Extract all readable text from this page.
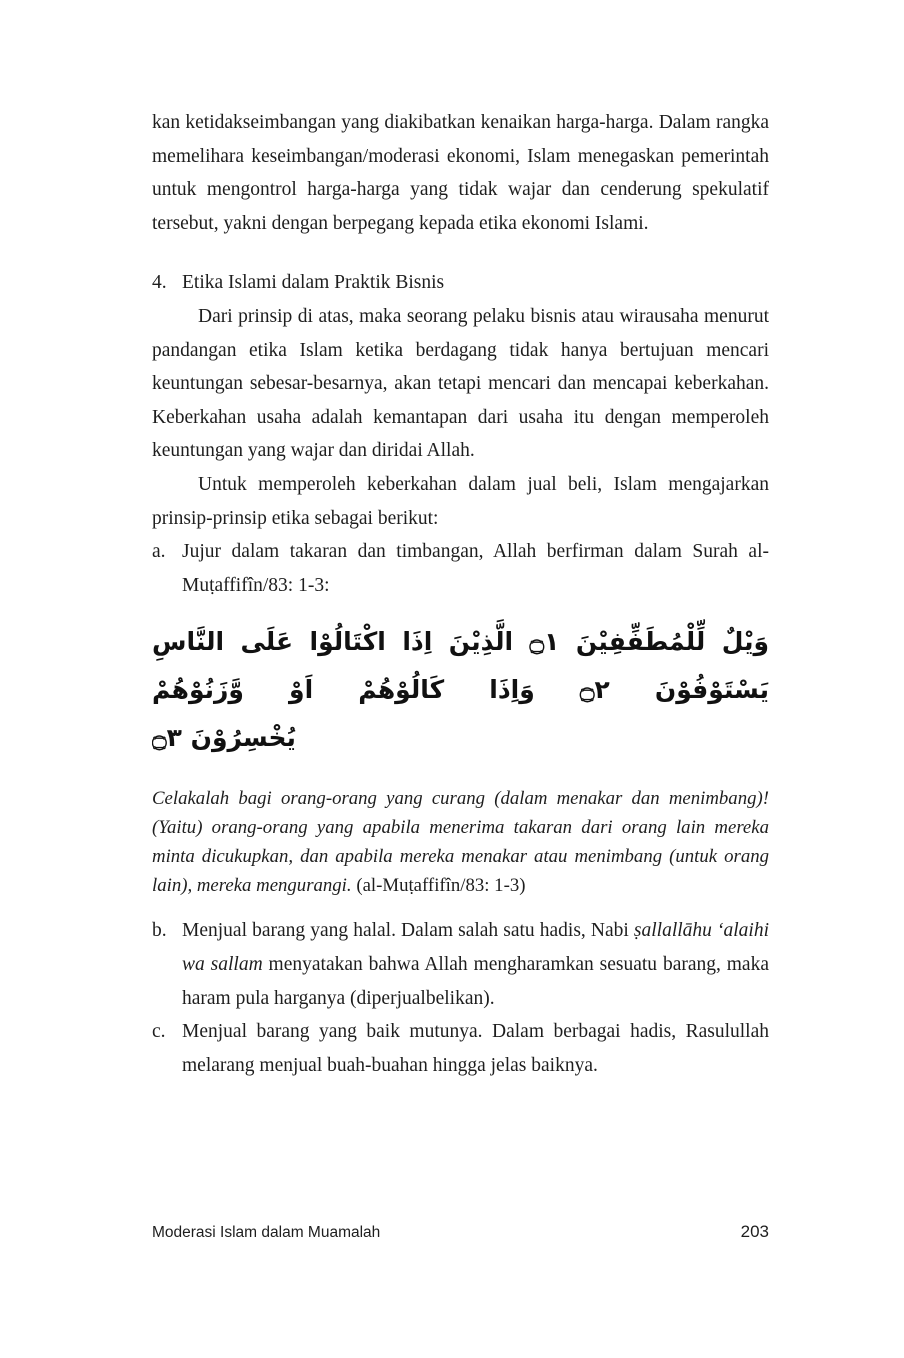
kan ketidakseimbangan yang diakibatkan kenaikan harga-harga. Dalam rangka memelihara keseimbangan/moderasi ekonomi, Islam menegaskan pemerintah untuk mengontrol harga-harga yang tidak wajar dan cenderung spekulatif tersebut, yakni dengan berpegang kepada etika ekonomi Islami.

4. Etika Islami dalam Praktik Bisnis

Dari prinsip di atas, maka seorang pelaku bisnis atau wirausaha menurut pandangan etika Islam ketika berdagang tidak hanya bertujuan mencari keuntungan sebesar-besarnya, akan tetapi mencari dan mencapai keberkahan. Keberkahan usaha adalah kemantapan dari usaha itu dengan memperoleh keuntungan yang wajar dan diridai Allah.

Untuk memperoleh keberkahan dalam jual beli, Islam mengajarkan prinsip-prinsip etika sebagai berikut:

a. Jujur dalam takaran dan timbangan, Allah berfirman dalam Surah al-Muṭaffifîn/83: 1-3:
وَيْلٌ لِّلْمُطَفِّفِيْنَ ۝١ الَّذِيْنَ اِذَا اكْتَالُوْا عَلَى النَّاسِ يَسْتَوْفُوْنَ ۝٢ وَاِذَا كَالُوْهُمْ اَوْ وَّزَنُوْهُمْ
يُخْسِرُوْنَ ۝٣

Celakalah bagi orang-orang yang curang (dalam menakar dan menimbang)! (Yaitu) orang-orang yang apabila menerima takaran dari orang lain mereka minta dicukupkan, dan apabila mereka menakar atau menimbang (untuk orang lain), mereka mengurangi. (al-Muṭaffifîn/83: 1-3)

b. Menjual barang yang halal. Dalam salah satu hadis, Nabi ṣallallāhu ‘alaihi wa sallam menyatakan bahwa Allah mengharamkan sesuatu barang, maka haram pula harganya (diperjualbelikan).
c. Menjual barang yang baik mutunya. Dalam berbagai hadis, Rasulullah melarang menjual buah-buahan hingga jelas baiknya.
Moderasi Islam dalam Muamalah	203
